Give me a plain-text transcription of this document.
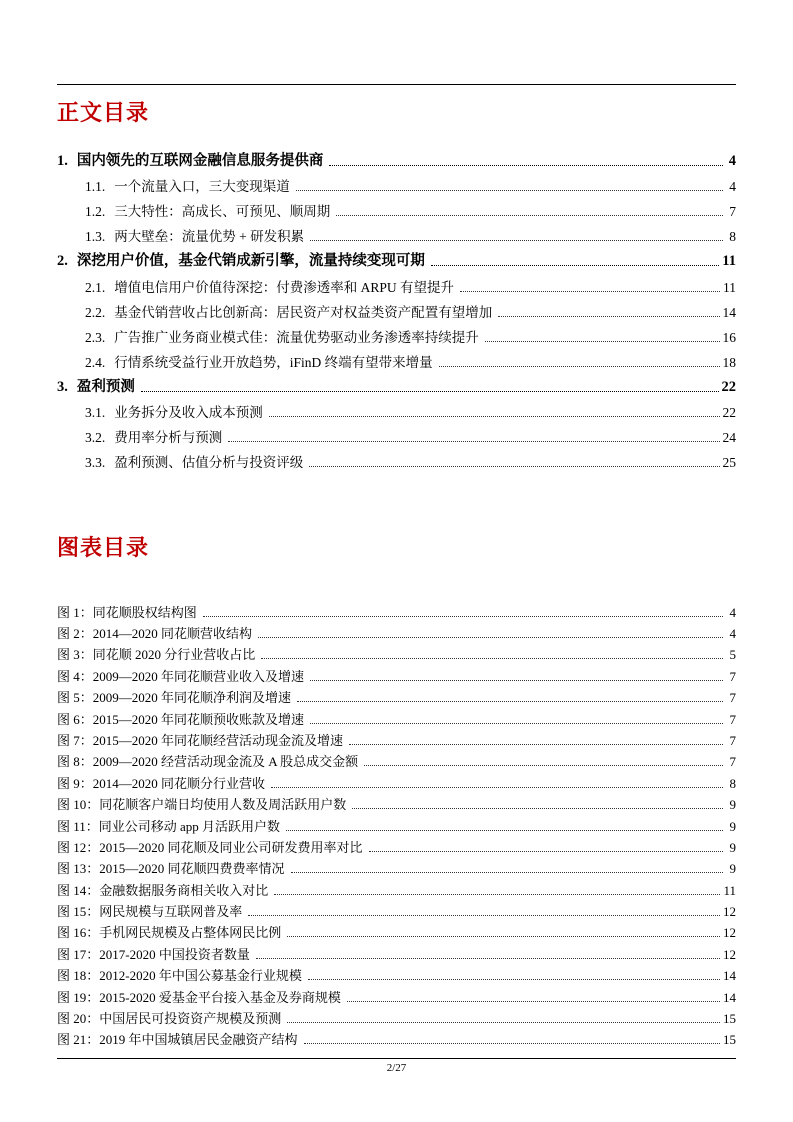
正文目录
1. 国内领先的互联网金融信息服务提供商	4
1.1. 一个流量入口，三大变现渠道	4
1.2. 三大特性：高成长、可预见、顺周期	7
1.3. 两大壁垒：流量优势 + 研发积累	8
2. 深挖用户价值，基金代销成新引擎，流量持续变现可期	11
2.1. 增值电信用户价值待深挖：付费渗透率和 ARPU 有望提升	11
2.2. 基金代销营收占比创新高：居民资产对权益类资产配置有望增加	14
2.3. 广告推广业务商业模式佳：流量优势驱动业务渗透率持续提升	16
2.4. 行情系统受益行业开放趋势，iFinD 终端有望带来增量	18
3. 盈利预测	22
3.1. 业务拆分及收入成本预测	22
3.2. 费用率分析与预测	24
3.3. 盈利预测、估值分析与投资评级	25
图表目录
图 1：同花顺股权结构图	4
图 2：2014—2020 同花顺营收结构	4
图 3：同花顺 2020 分行业营收占比	5
图 4：2009—2020 年同花顺营业收入及增速	7
图 5：2009—2020 年同花顺净利润及增速	7
图 6：2015—2020 年同花顺预收账款及增速	7
图 7：2015—2020 年同花顺经营活动现金流及增速	7
图 8：2009—2020 经营活动现金流及 A 股总成交金额	7
图 9：2014—2020 同花顺分行业营收	8
图 10：同花顺客户端日均使用人数及周活跃用户数	9
图 11：同业公司移动 app 月活跃用户数	9
图 12：2015—2020 同花顺及同业公司研发费用率对比	9
图 13：2015—2020 同花顺四费费率情况	9
图 14：金融数据服务商相关收入对比	11
图 15：网民规模与互联网普及率	12
图 16：手机网民规模及占整体网民比例	12
图 17：2017-2020 中国投资者数量	12
图 18：2012-2020 年中国公募基金行业规模	14
图 19：2015-2020 爱基金平台接入基金及券商规模	14
图 20：中国居民可投资资产规模及预测	15
图 21：2019 年中国城镇居民金融资产结构	15
2/27
